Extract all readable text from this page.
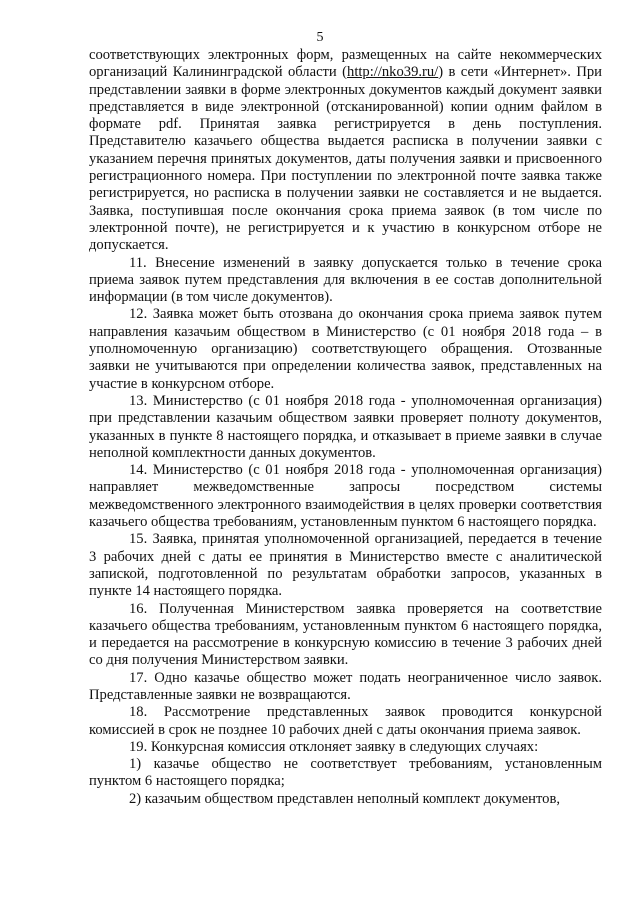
5

соответствующих электронных форм, размещенных на сайте некоммерческих организаций Калининградской области (http://nko39.ru/) в сети «Интернет». При представлении заявки в форме электронных документов каждый документ заявки представляется в виде электронной (отсканированной) копии одним файлом в формате pdf. Принятая заявка регистрируется в день поступления. Представителю казачьего общества выдается расписка в получении заявки с указанием перечня принятых документов, даты получения заявки и присвоенного регистрационного номера. При поступлении по электронной почте заявка также регистрируется, но расписка в получении заявки не составляется и не выдается. Заявка, поступившая после окончания срока приема заявок (в том числе по электронной почте), не регистрируется и к участию в конкурсном отборе не допускается.

11. Внесение изменений в заявку допускается только в течение срока приема заявок путем представления для включения в ее состав дополнительной информации (в том числе документов).

12. Заявка может быть отозвана до окончания срока приема заявок путем направления казачьим обществом в Министерство (с 01 ноября 2018 года – в уполномоченную организацию) соответствующего обращения. Отозванные заявки не учитываются при определении количества заявок, представленных на участие в конкурсном отборе.

13. Министерство (с 01 ноября 2018 года - уполномоченная организация) при представлении казачьим обществом заявки проверяет полноту документов, указанных в пункте 8 настоящего порядка, и отказывает в приеме заявки в случае неполной комплектности данных документов.

14. Министерство (с 01 ноября 2018 года - уполномоченная организация) направляет межведомственные запросы посредством системы межведомственного электронного взаимодействия в целях проверки соответствия казачьего общества требованиям, установленным пунктом 6 настоящего порядка.

15. Заявка, принятая уполномоченной организацией, передается в течение 3 рабочих дней с даты ее принятия в Министерство вместе с аналитической запиской, подготовленной по результатам обработки запросов, указанных в пункте 14 настоящего порядка.

16. Полученная Министерством заявка проверяется на соответствие казачьего общества требованиям, установленным пунктом 6 настоящего порядка, и передается на рассмотрение в конкурсную комиссию в течение 3 рабочих дней со дня получения Министерством заявки.

17. Одно казачье общество может подать неограниченное число заявок. Представленные заявки не возвращаются.

18. Рассмотрение представленных заявок проводится конкурсной комиссией в срок не позднее 10 рабочих дней с даты окончания приема заявок.

19. Конкурсная комиссия отклоняет заявку в следующих случаях:

1) казачье общество не соответствует требованиям, установленным пунктом 6 настоящего порядка;

2) казачьим обществом представлен неполный комплект документов,
